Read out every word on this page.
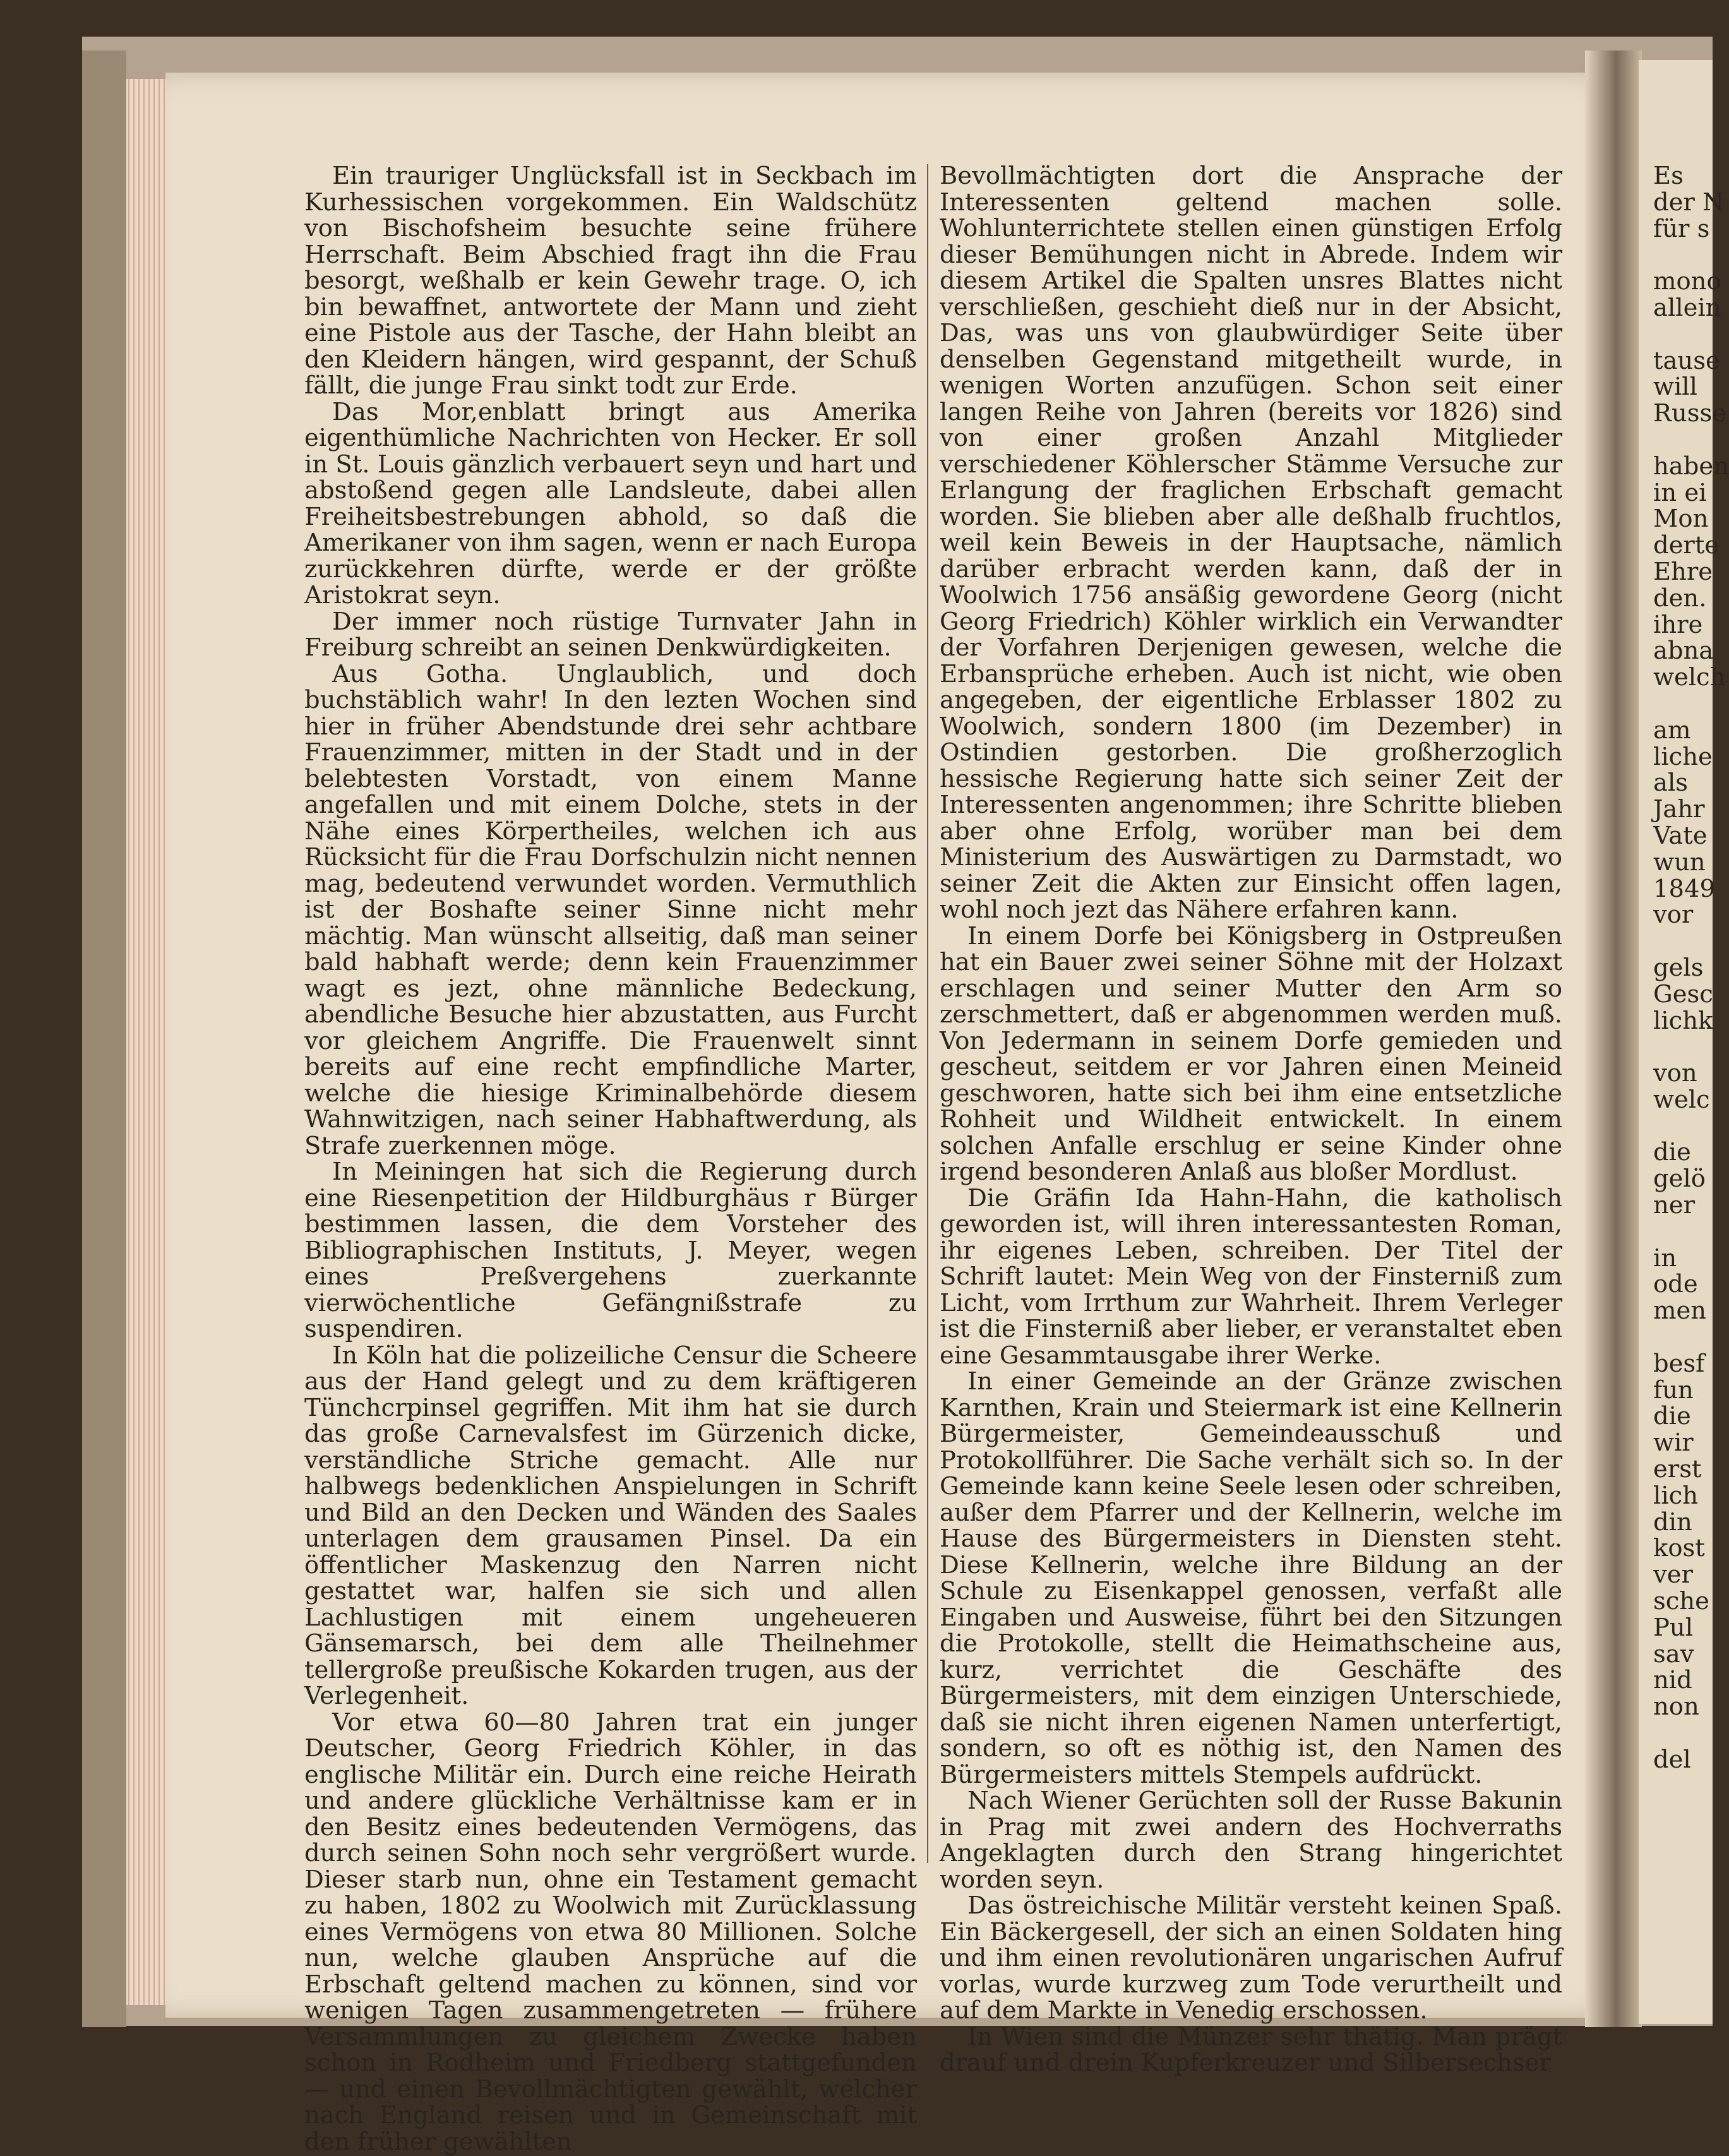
Ein trauriger Unglücksfall ist in Seckbach im Kurhessischen vorgekommen. Ein Waldschütz von Bischofsheim besuchte seine frühere Herrschaft. Beim Abschied fragt ihn die Frau besorgt, weßhalb er kein Gewehr trage. O, ich bin bewaffnet, antwortete der Mann und zieht eine Pistole aus der Tasche, der Hahn bleibt an den Kleidern hängen, wird gespannt, der Schuß fällt, die junge Frau sinkt todt zur Erde.

Das Mor,enblatt bringt aus Amerika eigenthümliche Nachrichten von Hecker. Er soll in St. Louis gänzlich verbauert seyn und hart und abstoßend gegen alle Landsleute, dabei allen Freiheitsbestrebungen abhold, so daß die Amerikaner von ihm sagen, wenn er nach Europa zurückkehren dürfte, werde er der größte Aristokrat seyn.

Der immer noch rüstige Turnvater Jahn in Freiburg schreibt an seinen Denkwürdigkeiten.

Aus Gotha. Unglaublich, und doch buchstäblich wahr! In den lezten Wochen sind hier in früher Abendstunde drei sehr achtbare Frauenzimmer, mitten in der Stadt und in der belebtesten Vorstadt, von einem Manne angefallen und mit einem Dolche, stets in der Nähe eines Körpertheiles, welchen ich aus Rücksicht für die Frau Dorfschulzin nicht nennen mag, bedeutend verwundet worden. Vermuthlich ist der Boshafte seiner Sinne nicht mehr mächtig. Man wünscht allseitig, daß man seiner bald habhaft werde; denn kein Frauenzimmer wagt es jezt, ohne männliche Bedeckung, abendliche Besuche hier abzustatten, aus Furcht vor gleichem Angriffe. Die Frauenwelt sinnt bereits auf eine recht empfindliche Marter, welche die hiesige Kriminalbehörde diesem Wahnwitzigen, nach seiner Habhaftwerdung, als Strafe zuerkennen möge.

In Meiningen hat sich die Regierung durch eine Riesenpetition der Hildburghäus r Bürger bestimmen lassen, die dem Vorsteher des Bibliographischen Instituts, J. Meyer, wegen eines Preßvergehens zuerkannte vierwöchentliche Gefängnißstrafe zu suspendiren.

In Köln hat die polizeiliche Censur die Scheere aus der Hand gelegt und zu dem kräftigeren Tünchcrpinsel gegriffen. Mit ihm hat sie durch das große Carnevalsfest im Gürzenich dicke, verständliche Striche gemacht. Alle nur halbwegs bedenklichen Anspielungen in Schrift und Bild an den Decken und Wänden des Saales unterlagen dem grausamen Pinsel. Da ein öffentlicher Maskenzug den Narren nicht gestattet war, halfen sie sich und allen Lachlustigen mit einem ungeheueren Gänsemarsch, bei dem alle Theilnehmer tellergroße preußische Kokarden trugen, aus der Verlegenheit.

Vor etwa 60—80 Jahren trat ein junger Deutscher, Georg Friedrich Köhler, in das englische Militär ein. Durch eine reiche Heirath und andere glückliche Verhältnisse kam er in den Besitz eines bedeutenden Vermögens, das durch seinen Sohn noch sehr vergrößert wurde. Dieser starb nun, ohne ein Testament gemacht zu haben, 1802 zu Woolwich mit Zurücklassung eines Vermögens von etwa 80 Millionen. Solche nun, welche glauben Ansprüche auf die Erbschaft geltend machen zu können, sind vor wenigen Tagen zusammengetreten — frühere Versammlungen zu gleichem Zwecke haben schon in Rodheim und Friedberg stattgefunden — und einen Bevollmächtigten gewählt, welcher nach England reisen und in Gemeinschaft mit den früher gewählten

Bevollmächtigten dort die Ansprache der Interessenten geltend machen solle. Wohlunterrichtete stellen einen günstigen Erfolg dieser Bemühungen nicht in Abrede. Indem wir diesem Artikel die Spalten unsres Blattes nicht verschließen, geschieht dieß nur in der Absicht, Das, was uns von glaubwürdiger Seite über denselben Gegenstand mitgetheilt wurde, in wenigen Worten anzufügen. Schon seit einer langen Reihe von Jahren (bereits vor 1826) sind von einer großen Anzahl Mitglieder verschiedener Köhlerscher Stämme Versuche zur Erlangung der fraglichen Erbschaft gemacht worden. Sie blieben aber alle deßhalb fruchtlos, weil kein Beweis in der Hauptsache, nämlich darüber erbracht werden kann, daß der in Woolwich 1756 ansäßig gewordene Georg (nicht Georg Friedrich) Köhler wirklich ein Verwandter der Vorfahren Derjenigen gewesen, welche die Erbansprüche erheben. Auch ist nicht, wie oben angegeben, der eigentliche Erblasser 1802 zu Woolwich, sondern 1800 (im Dezember) in Ostindien gestorben. Die großherzoglich hessische Regierung hatte sich seiner Zeit der Interessenten angenommen; ihre Schritte blieben aber ohne Erfolg, worüber man bei dem Ministerium des Auswärtigen zu Darmstadt, wo seiner Zeit die Akten zur Einsicht offen lagen, wohl noch jezt das Nähere erfahren kann.

In einem Dorfe bei Königsberg in Ostpreußen hat ein Bauer zwei seiner Söhne mit der Holzaxt erschlagen und seiner Mutter den Arm so zerschmettert, daß er abgenommen werden muß. Von Jedermann in seinem Dorfe gemieden und gescheut, seitdem er vor Jahren einen Meineid geschworen, hatte sich bei ihm eine entsetzliche Rohheit und Wildheit entwickelt. In einem solchen Anfalle erschlug er seine Kinder ohne irgend besonderen Anlaß aus bloßer Mordlust.

Die Gräfin Ida Hahn-Hahn, die katholisch geworden ist, will ihren interessantesten Roman, ihr eigenes Leben, schreiben. Der Titel der Schrift lautet: Mein Weg von der Finsterniß zum Licht, vom Irrthum zur Wahrheit. Ihrem Verleger ist die Finsterniß aber lieber, er veranstaltet eben eine Gesammtausgabe ihrer Werke.

In einer Gemeinde an der Gränze zwischen Karnthen, Krain und Steiermark ist eine Kellnerin Bürgermeister, Gemeindeausschuß und Protokollführer. Die Sache verhält sich so. In der Gemeinde kann keine Seele lesen oder schreiben, außer dem Pfarrer und der Kellnerin, welche im Hause des Bürgermeisters in Diensten steht. Diese Kellnerin, welche ihre Bildung an der Schule zu Eisenkappel genossen, verfaßt alle Eingaben und Ausweise, führt bei den Sitzungen die Protokolle, stellt die Heimathscheine aus, kurz, verrichtet die Geschäfte des Bürgermeisters, mit dem einzigen Unterschiede, daß sie nicht ihren eigenen Namen unterfertigt, sondern, so oft es nöthig ist, den Namen des Bürgermeisters mittels Stempels aufdrückt.

Nach Wiener Gerüchten soll der Russe Bakunin in Prag mit zwei andern des Hochverraths Angeklagten durch den Strang hingerichtet worden seyn.

Das östreichische Militär versteht keinen Spaß. Ein Bäckergesell, der sich an einen Soldaten hing und ihm einen revolutionären ungarischen Aufruf vorlas, wurde kurzweg zum Tode verurtheilt und auf dem Markte in Venedig erschossen.

In Wien sind die Münzer sehr thätig. Man prägt drauf und drein Kupferkreuzer und Silbersechser

Es
der N
für s
mono
allein
tause
will
Russe
haben
in ei
Mon
derte
Ehre
den.
ihre
abna
welch
am
liche
als
Jahr
Vate
wun
1849
vor
gels
Gesc
lichk
von
welc
die
gelö
ner
in
ode
men
besf
fun
die
wir
erst
lich
din
kost
ver
sche
Pul
sav
nid
non
del
